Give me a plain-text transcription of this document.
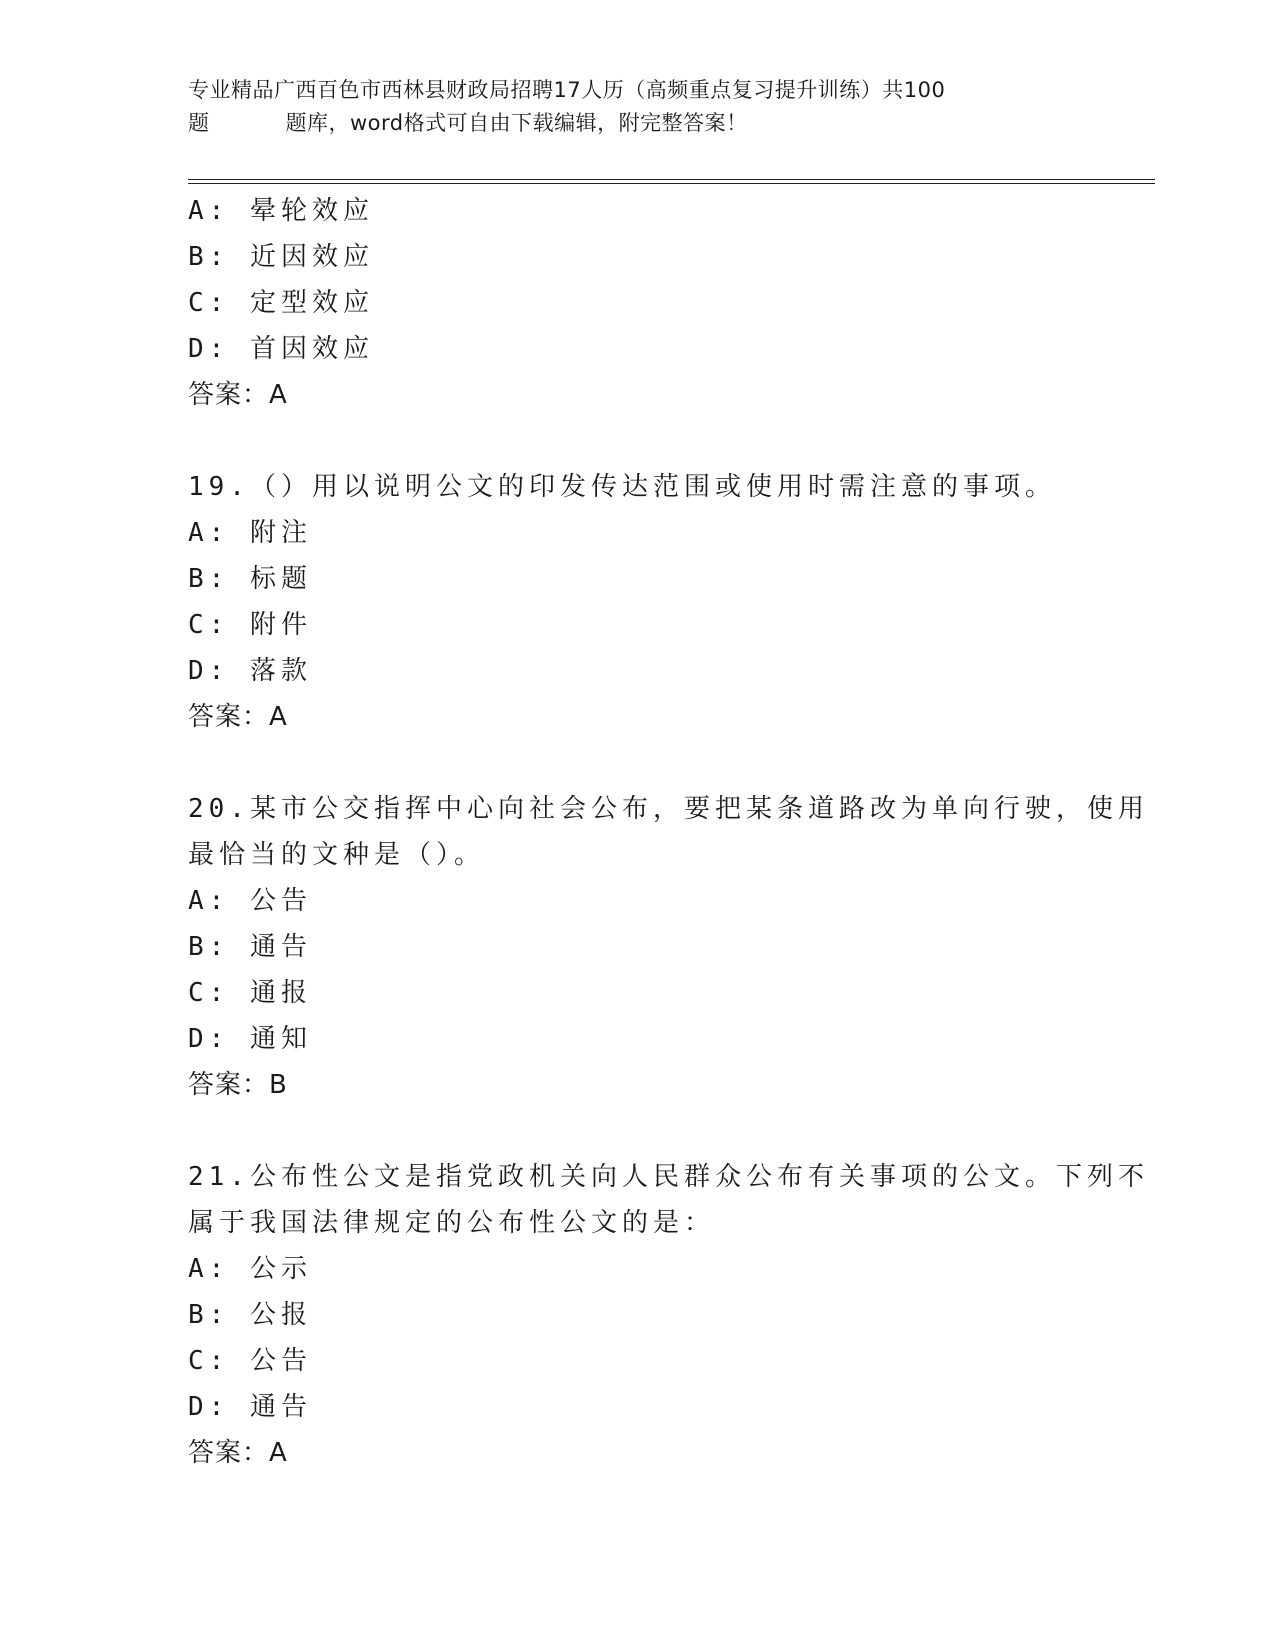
专业精品广西百色市西林县财政局招聘17人历（高频重点复习提升训练）共100
题	题库，word格式可自由下载编辑，附完整答案！
A: 晕轮效应
B: 近因效应
C: 定型效应
D: 首因效应
答案：A
19.（）用以说明公文的印发传达范围或使用时需注意的事项。
A: 附注
B: 标题
C: 附件
D: 落款
答案：A
20.某市公交指挥中心向社会公布，要把某条道路改为单向行驶，使用
最恰当的文种是（）。
A: 公告
B: 通告
C: 通报
D: 通知
答案：B
21.公布性公文是指党政机关向人民群众公布有关事项的公文。下列不
属于我国法律规定的公布性公文的是：
A: 公示
B: 公报
C: 公告
D: 通告
答案：A
